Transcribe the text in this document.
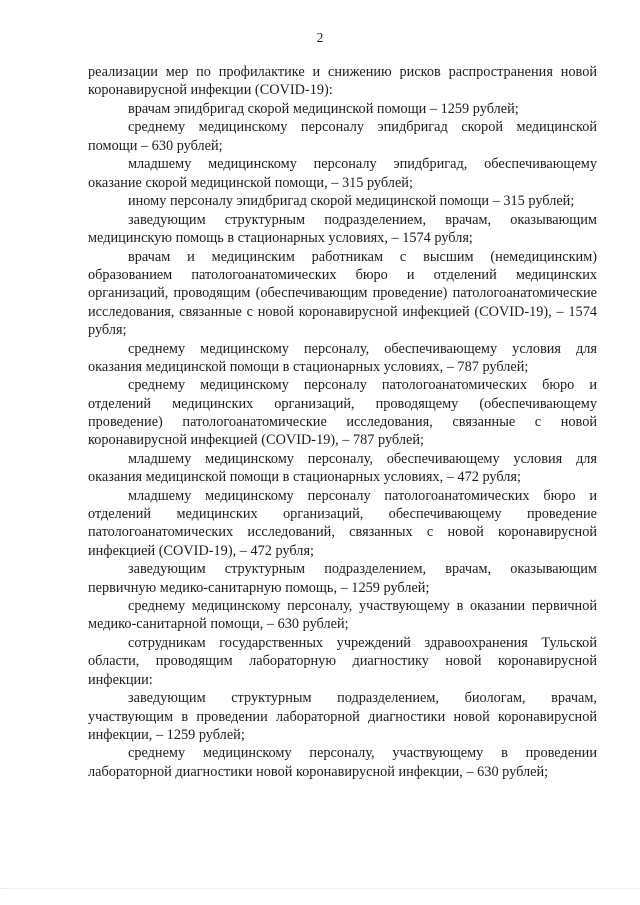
2

реализации мер по профилактике и снижению рисков распространения новой коронавирусной инфекции (COVID-19):

врачам эпидбригад скорой медицинской помощи – 1259 рублей;

среднему медицинскому персоналу эпидбригад скорой медицинской помощи – 630 рублей;

младшему медицинскому персоналу эпидбригад, обеспечивающему оказание скорой медицинской помощи, – 315 рублей;

иному персоналу эпидбригад скорой медицинской помощи – 315 рублей;

заведующим структурным подразделением, врачам, оказывающим медицинскую помощь в стационарных условиях, – 1574 рубля;

врачам и медицинским работникам с высшим (немедицинским) образованием патологоанатомических бюро и отделений медицинских организаций, проводящим (обеспечивающим проведение) патологоанатомические исследования, связанные с новой коронавирусной инфекцией (COVID-19), – 1574 рубля;

среднему медицинскому персоналу, обеспечивающему условия для оказания медицинской помощи в стационарных условиях, – 787 рублей;

среднему медицинскому персоналу патологоанатомических бюро и отделений медицинских организаций, проводящему (обеспечивающему проведение) патологоанатомические исследования, связанные с новой коронавирусной инфекцией (COVID-19), – 787 рублей;

младшему медицинскому персоналу, обеспечивающему условия для оказания медицинской помощи в стационарных условиях, – 472 рубля;

младшему медицинскому персоналу патологоанатомических бюро и отделений медицинских организаций, обеспечивающему проведение патологоанатомических исследований, связанных с новой коронавирусной инфекцией (COVID-19), – 472 рубля;

заведующим структурным подразделением, врачам, оказывающим первичную медико-санитарную помощь, – 1259 рублей;

среднему медицинскому персоналу, участвующему в оказании первичной медико-санитарной помощи, – 630 рублей;

сотрудникам государственных учреждений здравоохранения Тульской области, проводящим лабораторную диагностику новой коронавирусной инфекции:

заведующим структурным подразделением, биологам, врачам, участвующим в проведении лабораторной диагностики новой коронавирусной инфекции, – 1259 рублей;

среднему медицинскому персоналу, участвующему в проведении лабораторной диагностики новой коронавирусной инфекции, – 630 рублей;
